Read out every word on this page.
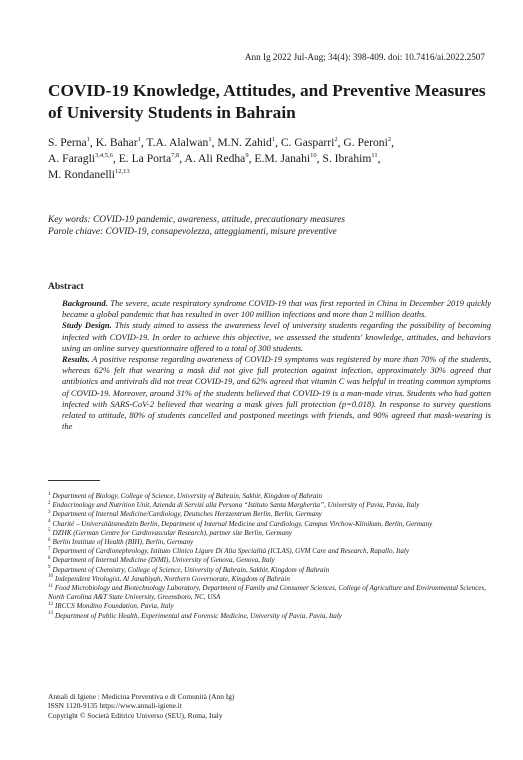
Ann Ig 2022 Jul-Aug; 34(4): 398-409. doi: 10.7416/ai.2022.2507
COVID-19 Knowledge, Attitudes, and Preventive Measures of University Students in Bahrain
S. Perna$^1$, K. Bahar$^1$, T.A. Alalwan$^1$, M.N. Zahid$^1$, C. Gasparri$^2$, G. Peroni$^2$,
A. Faragli$^{3,4,5,6}$, E. La Porta$^{7,8}$, A. Ali Redha$^9$, E.M. Janahi$^{10}$, S. Ibrahim$^{11}$,
M. Rondanelli$^{12,13}$
Key words: COVID-19 pandemic, awareness, attitude, precautionary measures
Parole chiave: COVID-19, consapevolezza, atteggiamenti, misure preventive
Abstract

Background. The severe, acute respiratory syndrome COVID-19 that was first reported in China in December 2019 quickly became a global pandemic that has resulted in over 100 million infections and more than 2 million deaths.

Study Design. This study aimed to assess the awareness level of university students regarding the possibility of becoming infected with COVID-19. In order to achieve this objective, we assessed the students' knowledge, attitudes, and behaviors using an online survey questionnaire offered to a total of 300 students.

Results. A positive response regarding awareness of COVID-19 symptoms was registered by more than 70% of the students, whereas 62% felt that wearing a mask did not give full protection against infection, approximately 30% agreed that antibiotics and antivirals did not treat COVID-19, and 62% agreed that vitamin C was helpful in treating common symptoms of COVID-19. Moreover, around 31% of the students believed that COVID-19 is a man-made virus. Students who had gotten infected with SARS-CoV-2 believed that wearing a mask gives full protection (p=0.018). In response to survey questions related to attitude, 80% of students cancelled and postponed meetings with friends, and 90% agreed that mask-wearing is the

$^1$ Department of Biology, College of Science, University of Bahrain, Sakhir, Kingdom of Bahrain

$^2$ Endocrinology and Nutrition Unit, Azienda di Servizi alla Persona “Istituto Santa Margherita”, University of Pavia, Pavia, Italy

$^3$ Department of Internal Medicine/Cardiology, Deutsches Herzzentrum Berlin, Berlin, Germany

$^4$ Charité – Universitätsmedizin Berlin, Department of Internal Medicine and Cardiology, Campus Virchow-Klinikum, Berlin, Germany

$^5$ DZHK (German Centre for Cardiovascular Research), partner site Berlin, Germany

$^6$ Berlin Institute of Health (BIH), Berlin, Germany

$^7$ Department of Cardionephrology, Istituto Clinico Ligure Di Alta Specialità (ICLAS), GVM Care and Research, Rapallo, Italy

$^8$ Department of Internal Medicine (DiMI), University of Genova, Genova, Italy

$^9$ Department of Chemistry, College of Science, University of Bahrain, Sakhir, Kingdom of Bahrain

$^{10}$ Independent Virologist, Al Janabiyah, Northern Governorate, Kingdom of Bahrain

$^{11}$ Food Microbiology and Biotechnology Laboratory, Department of Family and Consumer Sciences, College of Agriculture and Environmental Sciences, North Carolina A&T State University, Greensboro, NC, USA

$^{12}$ IRCCS Mondino Foundation, Pavia, Italy

$^{13}$ Department of Public Health, Experimental and Forensic Medicine, University of Pavia, Pavia, Italy

Annali di Igiene : Medicina Preventiva e di Comunità (Ann Ig)
ISSN 1120-9135 https://www.annali-igiene.it
Copyright © Società Editrice Universo (SEU), Roma, Italy
